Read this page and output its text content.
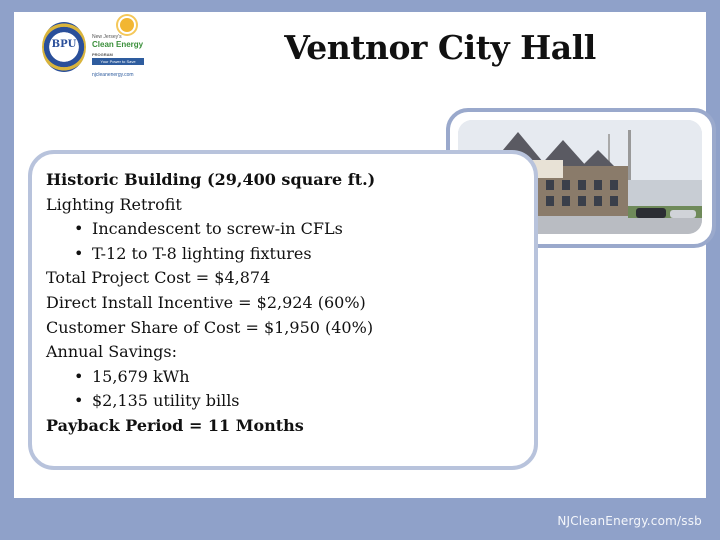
BPU
New Jersey's
Clean Energy
PROGRAM
Your Power to Save
njcleanenergy.com
Ventnor City Hall
Historic Building (29,400 square ft.)
Lighting Retrofit
• Incandescent to screw-in CFLs
• T-12 to T-8 lighting fixtures
Total Project Cost = $4,874
Direct Install Incentive = $2,924 (60%)
Customer Share of Cost = $1,950 (40%)
Annual Savings:
• 15,679 kWh
• $2,135 utility bills
Payback Period = 11 Months
NJCleanEnergy.com/ssb
